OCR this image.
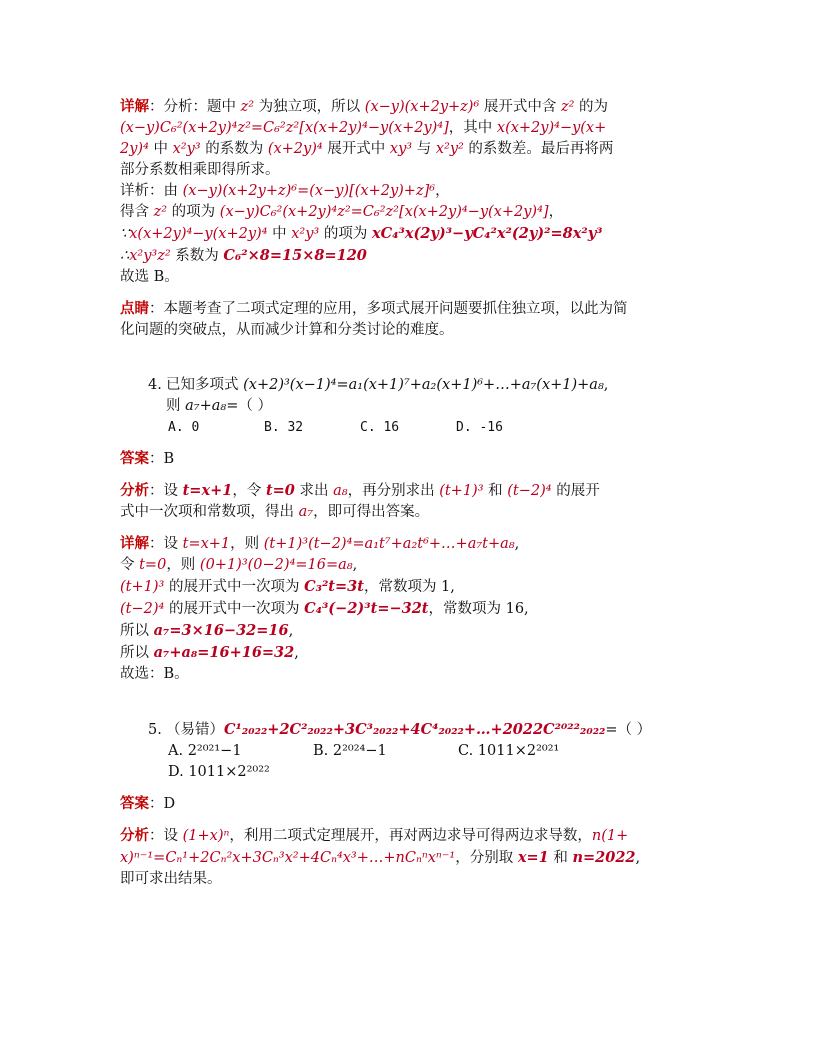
详解：分析：题中 z² 为独立项，所以 (x−y)(x+2y+z)⁶ 展开式中含 z² 的为
(x−y)C₆²(x+2y)⁴z²=C₆²z²[x(x+2y)⁴−y(x+2y)⁴]，其中 x(x+2y)⁴−y(x+
2y)⁴ 中 x²y³ 的系数为 (x+2y)⁴ 展开式中 xy³ 与 x²y² 的系数差。最后再将两
部分系数相乘即得所求。
详析：由 (x−y)(x+2y+z)⁶=(x−y)[(x+2y)+z]⁶，
得含 z² 的项为 (x−y)C₆²(x+2y)⁴z²=C₆²z²[x(x+2y)⁴−y(x+2y)⁴]，
∵x(x+2y)⁴−y(x+2y)⁴ 中 x²y³ 的项为 xC₄³x(2y)³−yC₄²x²(2y)²=8x²y³
∴x²y³z² 系数为 C₆²×8=15×8=120
故选 B。

点睛：本题考查了二项式定理的应用，多项式展开问题要抓住独立项，以此为简
化问题的突破点，从而减少计算和分类讨论的难度。

4. 已知多项式 (x+2)³(x−1)⁴=a₁(x+1)⁷+a₂(x+1)⁶+…+a₇(x+1)+a₈,
则 a₇+a₈=（ ）

A. 0	B. 32	C. 16	D. -16

答案：B

分析：设 t=x+1，令 t=0 求出 a₈，再分别求出 (t+1)³ 和 (t−2)⁴ 的展开
式中一次项和常数项，得出 a₇，即可得出答案。

详解：设 t=x+1，则 (t+1)³(t−2)⁴=a₁t⁷+a₂t⁶+…+a₇t+a₈,
令 t=0，则 (0+1)³(0−2)⁴=16=a₈,
(t+1)³ 的展开式中一次项为 C₃²t=3t，常数项为 1,
(t−2)⁴ 的展开式中一次项为 C₄³(−2)³t=−32t，常数项为 16,
所以 a₇=3×16−32=16,
所以 a₇+a₈=16+16=32,
故选：B。

5. （易错）C¹₂₀₂₂+2C²₂₀₂₂+3C³₂₀₂₂+4C⁴₂₀₂₂+…+2022C²⁰²²₂₀₂₂=（ ）

A. 2²⁰²¹−1	B. 2²⁰²⁴−1	C. 1011×2²⁰²¹
D. 1011×2²⁰²²

答案：D

分析：设 (1+x)ⁿ，利用二项式定理展开，再对两边求导可得两边求导数，n(1+
x)ⁿ⁻¹=Cₙ¹+2Cₙ²x+3Cₙ³x²+4Cₙ⁴x³+…+nCₙⁿxⁿ⁻¹，分别取 x=1 和 n=2022,
即可求出结果。
